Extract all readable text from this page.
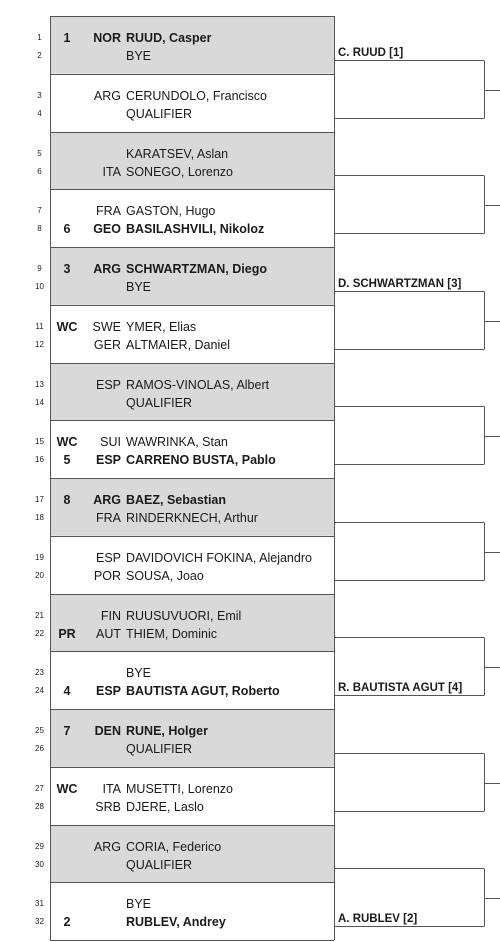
1	1	NOR RUUD, Casper
2	BYE	C. RUUD [1]
3	ARG CERUNDOLO, Francisco
4	QUALIFIER
5	KARATSEV, Aslan
6	ITA SONEGO, Lorenzo
7	FRA GASTON, Hugo
8	6	GEO BASILASHVILI, Nikoloz
9	3	ARG SCHWARTZMAN, Diego
10	BYE	D. SCHWARTZMAN [3]
11	WC	SWE YMER, Elias
12	GER ALTMAIER, Daniel
13	ESP RAMOS-VINOLAS, Albert
14	QUALIFIER
15	WC	SUI WAWRINKA, Stan
16	5	ESP CARRENO BUSTA, Pablo
17	8	ARG BAEZ, Sebastian
18	FRA RINDERKNECH, Arthur
19	ESP DAVIDOVICH FOKINA, Alejandro
20	POR SOUSA, Joao
21	FIN RUUSUVUORI, Emil
22	PR	AUT THIEM, Dominic
23	BYE
24	4	ESP BAUTISTA AGUT, Roberto	R. BAUTISTA AGUT [4]
25	7	DEN RUNE, Holger
26	QUALIFIER
27	WC	ITA MUSETTI, Lorenzo
28	SRB DJERE, Laslo
29	ARG CORIA, Federico
30	QUALIFIER
31	BYE
32	2	RUBLEV, Andrey	A. RUBLEV [2]
